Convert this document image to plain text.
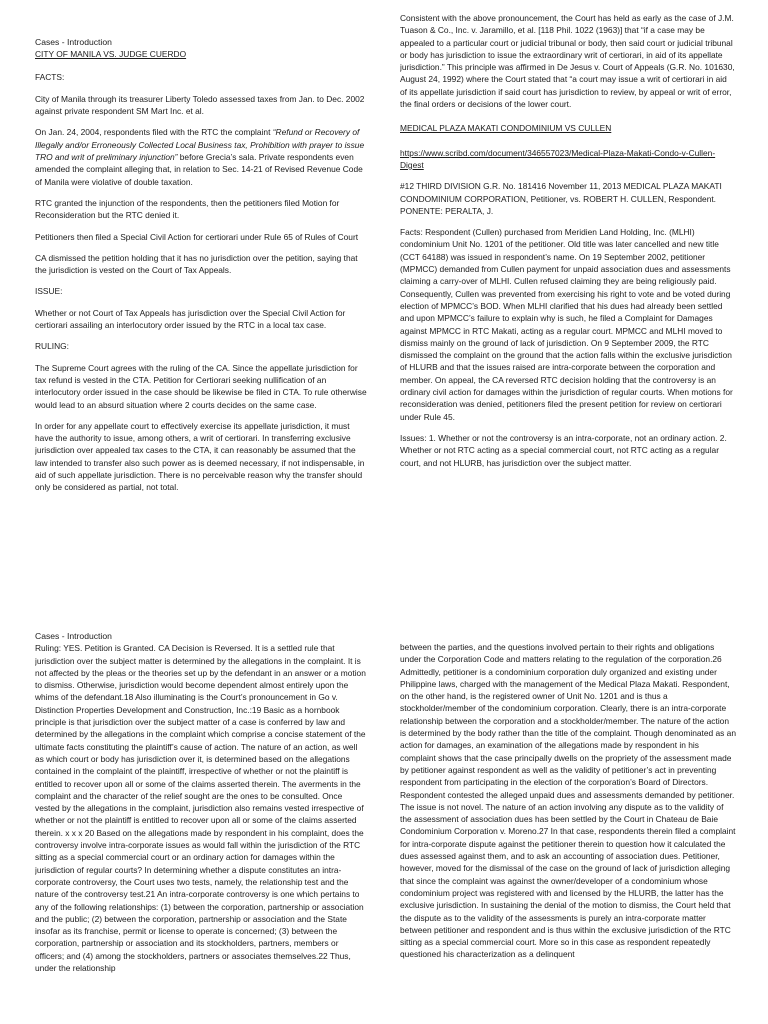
Cases - Introduction
CITY OF MANILA VS. JUDGE CUERDO

FACTS:

City of Manila through its treasurer Liberty Toledo assessed taxes from Jan. to Dec. 2002 against private respondent SM Mart Inc. et al.

On Jan. 24, 2004, respondents filed with the RTC the complaint “Refund or Recovery of Illegally and/or Erroneously Collected Local Business tax, Prohibition with prayer to issue TRO and writ of preliminary injunction” before Grecia’s sala. Private respondents even amended the complaint alleging that, in relation to Sec. 14-21 of Revised Revenue Code of Manila were violative of double taxation.

RTC granted the injunction of the respondents, then the petitioners filed Motion for Reconsideration but the RTC denied it.

Petitioners then filed a Special Civil Action for certiorari under Rule 65 of Rules of Court

CA dismissed the petition holding that it has no jurisdiction over the petition, saying that the jurisdiction is vested on the Court of Tax Appeals.

ISSUE:

Whether or not Court of Tax Appeals has jurisdiction over the Special Civil Action for certiorari assailing an interlocutory order issued by the RTC in a local tax case.

RULING:

The Supreme Court agrees with the ruling of the CA. Since the appellate jurisdiction for tax refund is vested in the CTA. Petition for Certiorari seeking nullification of an interlocutory order issued in the case should be likewise be filed in CTA. To rule otherwise would lead to an absurd situation where 2 courts decides on the same case.

In order for any appellate court to effectively exercise its appellate jurisdiction, it must have the authority to issue, among others, a writ of certiorari. In transferring exclusive jurisdiction over appealed tax cases to the CTA, it can reasonably be assumed that the law intended to transfer also such power as is deemed necessary, if not indispensable, in aid of such appellate jurisdiction. There is no perceivable reason why the transfer should only be considered as partial, not total.

Consistent with the above pronouncement, the Court has held as early as the case of J.M. Tuason & Co., Inc. v. Jaramillo, et al. [118 Phil. 1022 (1963)] that “if a case may be appealed to a particular court or judicial tribunal or body, then said court or judicial tribunal or body has jurisdiction to issue the extraordinary writ of certiorari, in aid of its appellate jurisdiction.” This principle was affirmed in De Jesus v. Court of Appeals (G.R. No. 101630, August 24, 1992) where the Court stated that “a court may issue a writ of certiorari in aid of its appellate jurisdiction if said court has jurisdiction to review, by appeal or writ of error, the final orders or decisions of the lower court.

MEDICAL PLAZA MAKATI CONDOMINIUM VS CULLEN

https://www.scribd.com/document/346557023/Medical-Plaza-Makati-Condo-v-Cullen-Digest

#12 THIRD DIVISION G.R. No. 181416 November 11, 2013 MEDICAL PLAZA MAKATI CONDOMINIUM CORPORATION, Petitioner, vs. ROBERT H. CULLEN, Respondent. PONENTE: PERALTA, J.

Facts: Respondent (Cullen) purchased from Meridien Land Holding, Inc. (MLHI) condominium Unit No. 1201 of the petitioner. Old title was later cancelled and new title (CCT 64188) was issued in respondent’s name. On 19 September 2002, petitioner (MPMCC) demanded from Cullen payment for unpaid association dues and assessments claiming a carry-over of MLHI. Cullen refused claiming they are being religiously paid. Consequently, Cullen was prevented from exercising his right to vote and be voted during election of MPMCC’s BOD. When MLHI clarified that his dues had already been settled and upon MPMCC’s failure to explain why is such, he filed a Complaint for Damages against MPMCC in RTC Makati, acting as a regular court. MPMCC and MLHI moved to dismiss mainly on the ground of lack of jurisdiction. On 9 September 2009, the RTC dismissed the complaint on the ground that the action falls within the exclusive jurisdiction of HLURB and that the issues raised are intra-corporate between the corporation and member. On appeal, the CA reversed RTC decision holding that the controversy is an ordinary civil action for damages within the jurisdiction of regular courts. When motions for reconsideration was denied, petitioners filed the present petition for review on certiorari under Rule 45.

Issues: 1. Whether or not the controversy is an intra-corporate, not an ordinary action. 2. Whether or not RTC acting as a special commercial court, not RTC acting as a regular court, and not HLURB, has jurisdiction over the subject matter.

Cases - Introduction
Ruling: YES. Petition is Granted. CA Decision is Reversed. It is a settled rule that jurisdiction over the subject matter is determined by the allegations in the complaint. It is not affected by the pleas or the theories set up by the defendant in an answer or a motion to dismiss. Otherwise, jurisdiction would become dependent almost entirely upon the whims of the defendant.18 Also illuminating is the Court’s pronouncement in Go v. Distinction Properties Development and Construction, Inc.:19 Basic as a hornbook principle is that jurisdiction over the subject matter of a case is conferred by law and determined by the allegations in the complaint which comprise a concise statement of the ultimate facts constituting the plaintiff’s cause of action. The nature of an action, as well as which court or body has jurisdiction over it, is determined based on the allegations contained in the complaint of the plaintiff, irrespective of whether or not the plaintiff is entitled to recover upon all or some of the claims asserted therein. The averments in the complaint and the character of the relief sought are the ones to be consulted. Once vested by the allegations in the complaint, jurisdiction also remains vested irrespective of whether or not the plaintiff is entitled to recover upon all or some of the claims asserted therein. x x x 20 Based on the allegations made by respondent in his complaint, does the controversy involve intra-corporate issues as would fall within the jurisdiction of the RTC sitting as a special commercial court or an ordinary action for damages within the jurisdiction of regular courts? In determining whether a dispute constitutes an intra-corporate controversy, the Court uses two tests, namely, the relationship test and the nature of the controversy test.21 An intra-corporate controversy is one which pertains to any of the following relationships: (1) between the corporation, partnership or association and the public; (2) between the corporation, partnership or association and the State insofar as its franchise, permit or license to operate is concerned; (3) between the corporation, partnership or association and its stockholders, partners, members or officers; and (4) among the stockholders, partners or associates themselves.22 Thus, under the relationship
between the parties, and the questions involved pertain to their rights and obligations under the Corporation Code and matters relating to the regulation of the corporation.26 Admittedly, petitioner is a condominium corporation duly organized and existing under Philippine laws, charged with the management of the Medical Plaza Makati. Respondent, on the other hand, is the registered owner of Unit No. 1201 and is thus a stockholder/member of the condominium corporation. Clearly, there is an intra-corporate relationship between the corporation and a stockholder/member. The nature of the action is determined by the body rather than the title of the complaint. Though denominated as an action for damages, an examination of the allegations made by respondent in his complaint shows that the case principally dwells on the propriety of the assessment made by petitioner against respondent as well as the validity of petitioner’s act in preventing respondent from participating in the election of the corporation’s Board of Directors. Respondent contested the alleged unpaid dues and assessments demanded by petitioner. The issue is not novel. The nature of an action involving any dispute as to the validity of the assessment of association dues has been settled by the Court in Chateau de Baie Condominium Corporation v. Moreno.27 In that case, respondents therein filed a complaint for intra-corporate dispute against the petitioner therein to question how it calculated the dues assessed against them, and to ask an accounting of association dues. Petitioner, however, moved for the dismissal of the case on the ground of lack of jurisdiction alleging that since the complaint was against the owner/developer of a condominium whose condominium project was registered with and licensed by the HLURB, the latter has the exclusive jurisdiction. In sustaining the denial of the motion to dismiss, the Court held that the dispute as to the validity of the assessments is purely an intra-corporate matter between petitioner and respondent and is thus within the exclusive jurisdiction of the RTC sitting as a special commercial court. More so in this case as respondent repeatedly questioned his characterization as a delinquent
